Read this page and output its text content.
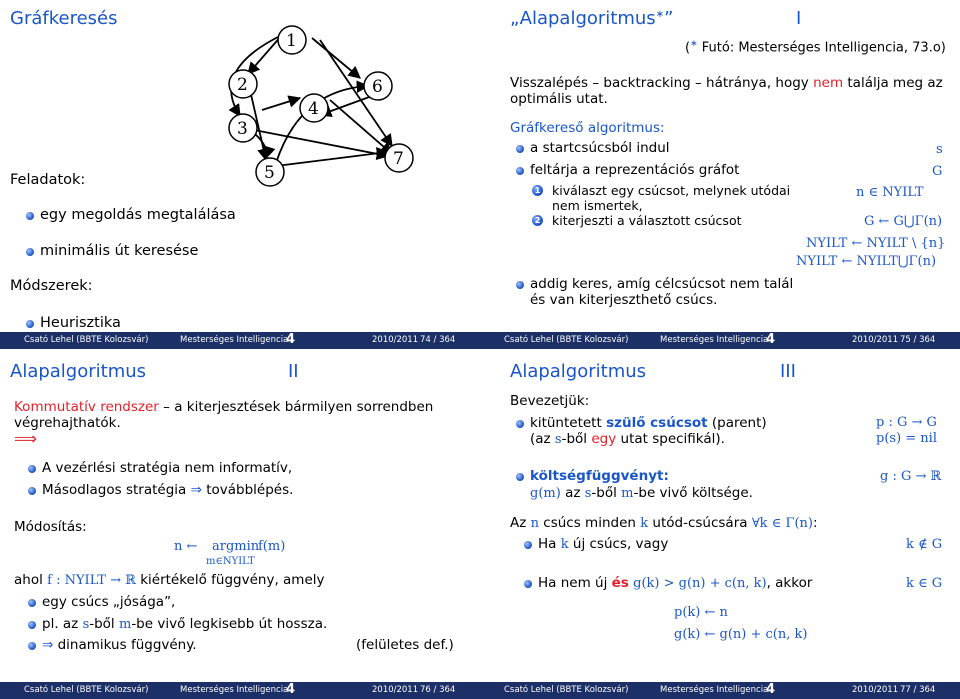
Gráfkeresés
1
2
3
4
5
6
7
Feladatok:
egy megoldás megtalálása
minimális út keresése
Módszerek:
Heurisztika
Csató Lehel (BBTE Kolozsvár)	Mesterséges Intelligencia
4	2010/2011 74 / 364
„Alapalgoritmus∗”	I
(∗ Futó: Mesterséges Intelligencia, 73.o)
Visszalépés – backtracking – hátránya, hogy nem találja meg az
optimális utat.
Gráfkereső algoritmus:
a startcsúcsból indul	s
feltárja a reprezentációs gráfot	G
1 kiválaszt egy csúcsot, melynek utódai
nem ismertek,
n ∈ NYILT
2 kiterjeszti a választott csúcsot	G ← G⋃Γ(n)
NYILT ← NYILT \ {n}
NYILT ← NYILT⋃Γ(n)
addig keres, amíg célcsúcsot nem talál
és van kiterjeszthető csúcs.
Csató Lehel (BBTE Kolozsvár)	Mesterséges Intelligencia
4	2010/2011 75 / 364
Alapalgoritmus	II
Kommutatív rendszer – a kiterjesztések bármilyen sorrendben
végrehajthatók.
⟹
A vezérlési stratégia nem informatív,
Másodlagos stratégia ⇒ továbblépés.
Módosítás:
n ← argmin
f(m)
m∈NYILT
ahol f : NYILT → ℝ kiértékelő függvény, amely
egy csúcs „jósága”,
pl. az s-ből m-be vivő legkisebb út hossza.
⇒ dinamikus függvény.	(felületes def.)
Csató Lehel (BBTE Kolozsvár)	Mesterséges Intelligencia
4	2010/2011 76 / 364
Alapalgoritmus	III
Bevezetjük:
kitüntetett szülő csúcsot (parent)	p : G → G
(az s-ből egy utat specifikál).	p(s) = nil
költségfüggvényt:	g : G → ℝ
g(m) az s-ből m-be vivő költsége.
Az n csúcs minden k utód-csúcsára ∀k ∈ Γ(n):
Ha k új csúcs, vagy	k ∉ G
Ha nem új és g(k) > g(n) + c(n, k), akkor	k ∈ G
p(k) ← n
g(k) ← g(n) + c(n, k)
Csató Lehel (BBTE Kolozsvár)	Mesterséges Intelligencia
4	2010/2011 77 / 364
